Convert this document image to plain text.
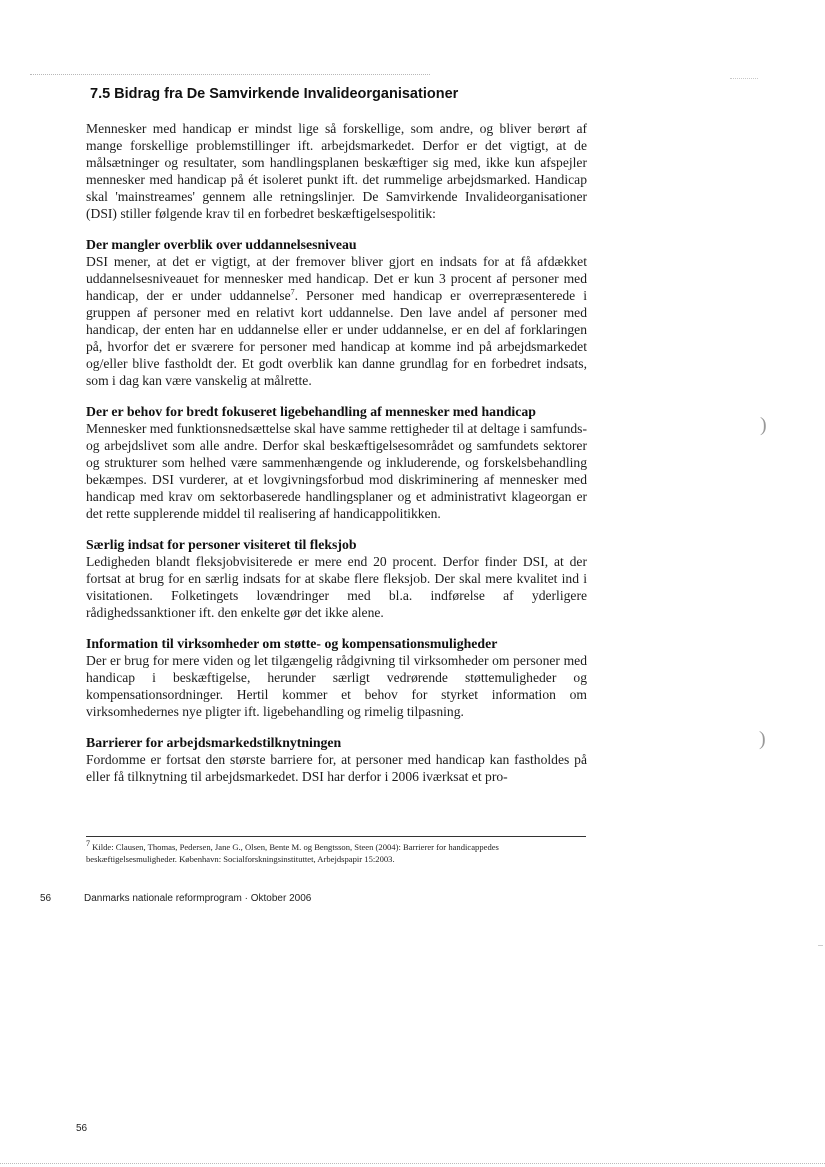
7.5 Bidrag fra De Samvirkende Invalideorganisationer

Mennesker med handicap er mindst lige så forskellige, som andre, og bliver berørt af mange forskellige problemstillinger ift. arbejdsmarkedet. Derfor er det vigtigt, at de målsætninger og resultater, som handlingsplanen beskæftiger sig med, ikke kun afspejler mennesker med handicap på ét isoleret punkt ift. det rummelige arbejdsmarked. Handicap skal 'mainstreames' gennem alle retningslinjer. De Samvirkende Invalideorganisationer (DSI) stiller følgende krav til en forbedret beskæftigelsespolitik:

Der mangler overblik over uddannelsesniveau

DSI mener, at det er vigtigt, at der fremover bliver gjort en indsats for at få afdækket uddannelsesniveauet for mennesker med handicap. Det er kun 3 procent af personer med handicap, der er under uddannelse$^7$. Personer med handicap er overrepræsenterede i gruppen af personer med en relativt kort uddannelse. Den lave andel af personer med handicap, der enten har en uddannelse eller er under uddannelse, er en del af forklaringen på, hvorfor det er sværere for personer med handicap at komme ind på arbejdsmarkedet og/eller blive fastholdt der. Et godt overblik kan danne grundlag for en forbedret indsats, som i dag kan være vanskelig at målrette.

Der er behov for bredt fokuseret ligebehandling af mennesker med handicap

Mennesker med funktionsnedsættelse skal have samme rettigheder til at deltage i samfunds- og arbejdslivet som alle andre. Derfor skal beskæftigelsesområdet og samfundets sektorer og strukturer som helhed være sammenhængende og inkluderende, og forskelsbehandling bekæmpes. DSI vurderer, at et lovgivningsforbud mod diskriminering af mennesker med handicap med krav om sektorbaserede handlingsplaner og et administrativt klageorgan er det rette supplerende middel til realisering af handicappolitikken.

Særlig indsat for personer visiteret til fleksjob

Ledigheden blandt fleksjobvisiterede er mere end 20 procent. Derfor finder DSI, at der fortsat at brug for en særlig indsats for at skabe flere fleksjob. Der skal mere kvalitet ind i visitationen. Folketingets lovændringer med bl.a. indførelse af yderligere rådighedssanktioner ift. den enkelte gør det ikke alene.

Information til virksomheder om støtte- og kompensationsmuligheder

Der er brug for mere viden og let tilgængelig rådgivning til virksomheder om personer med handicap i beskæftigelse, herunder særligt vedrørende støttemuligheder og kompensationsordninger. Hertil kommer et behov for styrket information om virksomhedernes nye pligter ift. ligebehandling og rimelig tilpasning.

Barrierer for arbejdsmarkedstilknytningen

Fordomme er fortsat den største barriere for, at personer med handicap kan fastholdes på eller få tilknytning til arbejdsmarkedet. DSI har derfor i 2006 iværksat et pro-

7 Kilde: Clausen, Thomas, Pedersen, Jane G., Olsen, Bente M. og Bengtsson, Steen (2004): Barrierer for handicappedes beskæftigelsesmuligheder. København: Socialforskningsinstituttet, Arbejdspapir 15:2003.

56	Danmarks nationale reformprogram · Oktober 2006
56
)
)
